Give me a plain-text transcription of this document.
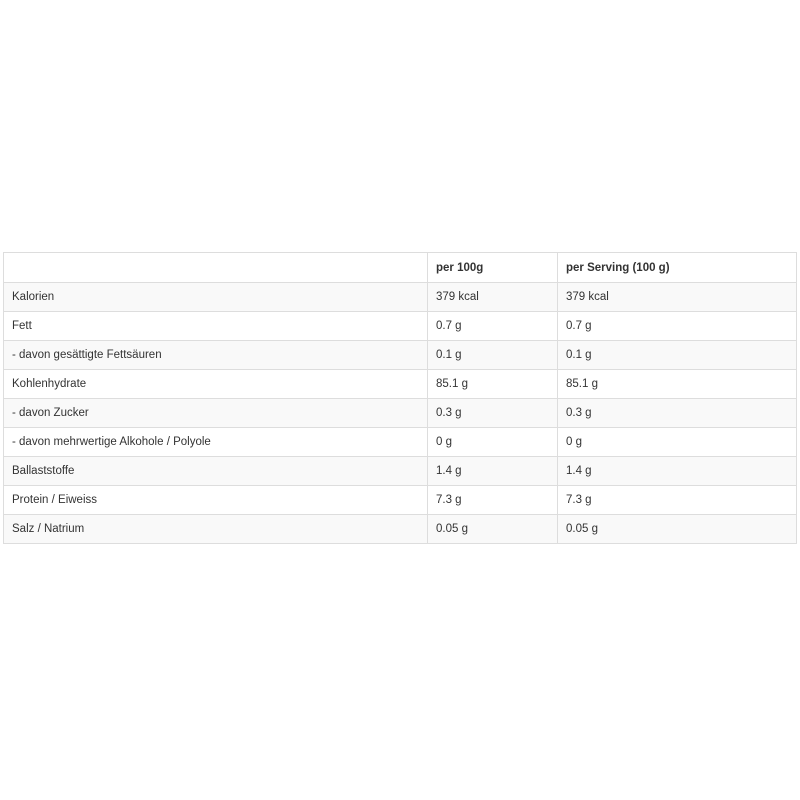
	per 100g	per Serving (100 g)
Kalorien	379 kcal	379 kcal
Fett	0.7 g	0.7 g
- davon gesättigte Fettsäuren	0.1 g	0.1 g
Kohlenhydrate	85.1 g	85.1 g
- davon Zucker	0.3 g	0.3 g
- davon mehrwertige Alkohole / Polyole	0 g	0 g
Ballaststoffe	1.4 g	1.4 g
Protein / Eiweiss	7.3 g	7.3 g
Salz / Natrium	0.05 g	0.05 g
